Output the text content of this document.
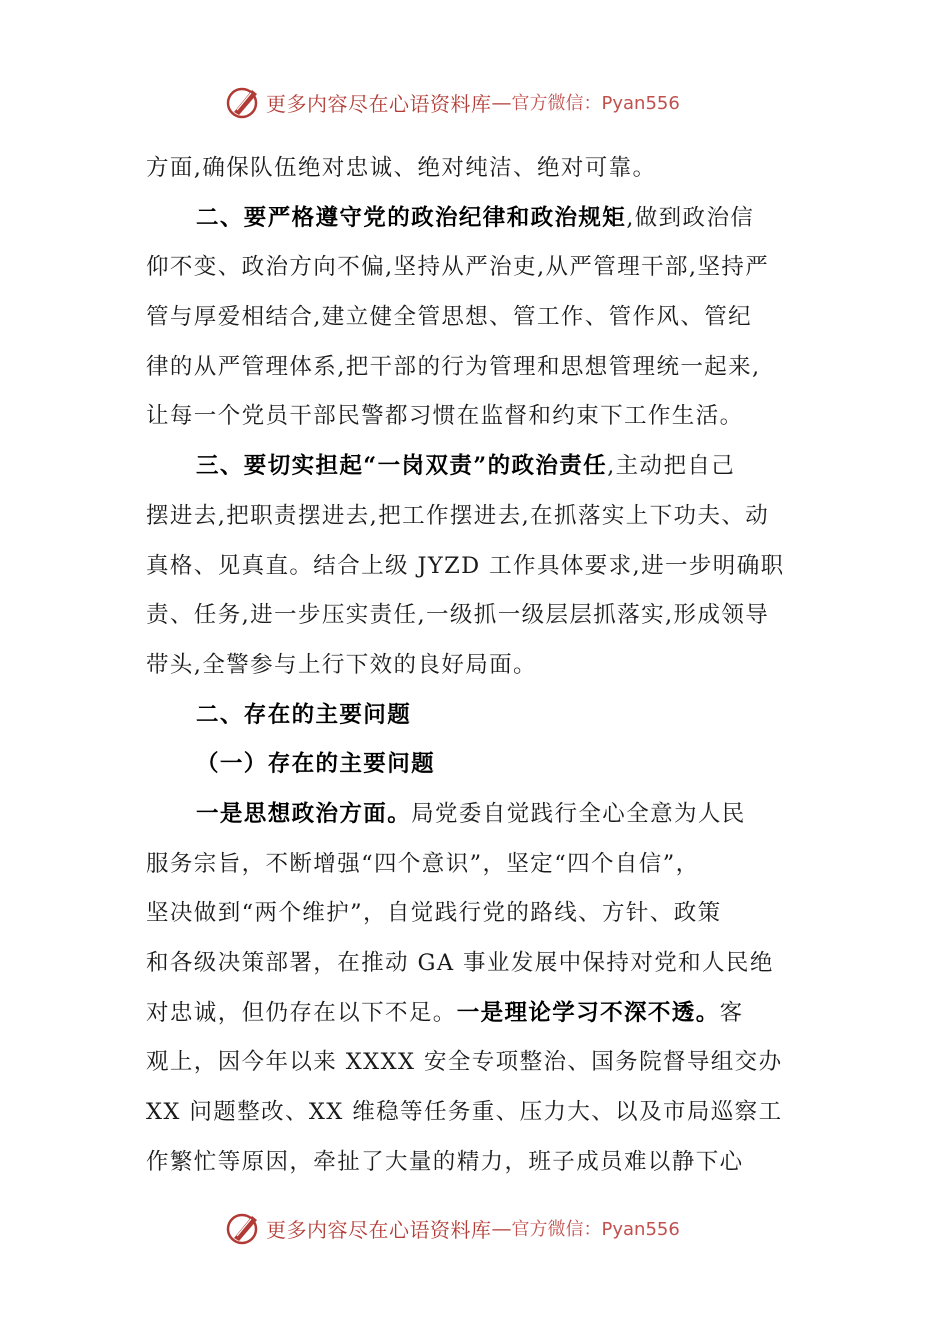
更多内容尽在心语资料库 — 官方微信：Pyan556
方面,确保队伍绝对忠诚、绝对纯洁、绝对可靠。
二、要严格遵守党的政治纪律和政治规矩,做到政治信
仰不变、政治方向不偏,坚持从严治吏,从严管理干部,坚持严
管与厚爱相结合,建立健全管思想、管工作、管作风、管纪
律的从严管理体系,把干部的行为管理和思想管理统一起来,
让每一个党员干部民警都习惯在监督和约束下工作生活。
三、要切实担起“一岗双责”的政治责任,主动把自己
摆进去,把职责摆进去,把工作摆进去,在抓落实上下功夫、动
真格、见真直。结合上级 JYZD 工作具体要求,进一步明确职
责、任务,进一步压实责任,一级抓一级层层抓落实,形成领导
带头,全警参与上行下效的良好局面。
二、存在的主要问题
（一）存在的主要问题
一是思想政治方面。局党委自觉践行全心全意为人民
服务宗旨，不断增强“四个意识”，坚定“四个自信”，
坚决做到“两个维护”，自觉践行党的路线、方针、政策
和各级决策部署，在推动 GA 事业发展中保持对党和人民绝
对忠诚，但仍存在以下不足。一是理论学习不深不透。客
观上，因今年以来 XXXX 安全专项整治、国务院督导组交办
XX 问题整改、XX 维稳等任务重、压力大、以及市局巡察工
作繁忙等原因，牵扯了大量的精力，班子成员难以静下心
更多内容尽在心语资料库 — 官方微信：Pyan556
